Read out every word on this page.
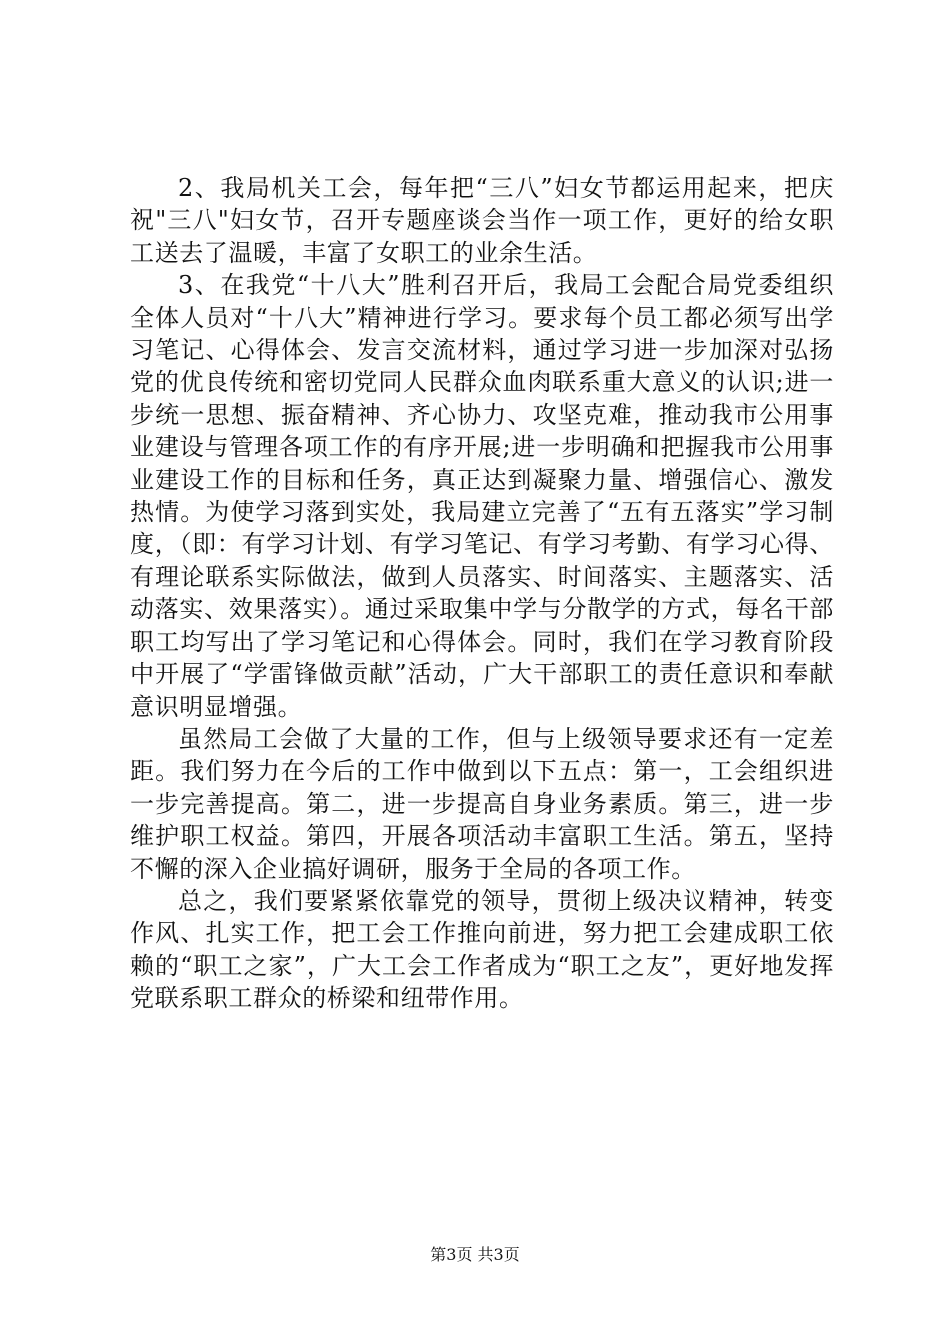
2、我局机关工会，每年把“三八”妇女节都运用起来，把庆祝"三八"妇女节，召开专题座谈会当作一项工作，更好的给女职工送去了温暖，丰富了女职工的业余生活。

3、在我党“十八大”胜利召开后，我局工会配合局党委组织全体人员对“十八大”精神进行学习。要求每个员工都必须写出学习笔记、心得体会、发言交流材料，通过学习进一步加深对弘扬党的优良传统和密切党同人民群众血肉联系重大意义的认识;进一步统一思想、振奋精神、齐心协力、攻坚克难，推动我市公用事业建设与管理各项工作的有序开展;进一步明确和把握我市公用事业建设工作的目标和任务，真正达到凝聚力量、增强信心、激发热情。为使学习落到实处，我局建立完善了“五有五落实”学习制度，（即：有学习计划、有学习笔记、有学习考勤、有学习心得、有理论联系实际做法，做到人员落实、时间落实、主题落实、活动落实、效果落实）。通过采取集中学与分散学的方式，每名干部职工均写出了学习笔记和心得体会。同时，我们在学习教育阶段中开展了“学雷锋做贡献”活动，广大干部职工的责任意识和奉献意识明显增强。

虽然局工会做了大量的工作，但与上级领导要求还有一定差距。我们努力在今后的工作中做到以下五点：第一，工会组织进一步完善提高。第二，进一步提高自身业务素质。第三，进一步维护职工权益。第四，开展各项活动丰富职工生活。第五，坚持不懈的深入企业搞好调研，服务于全局的各项工作。

总之，我们要紧紧依靠党的领导，贯彻上级决议精神，转变作风、扎实工作，把工会工作推向前进，努力把工会建成职工依赖的“职工之家”，广大工会工作者成为“职工之友”，更好地发挥党联系职工群众的桥梁和纽带作用。

第3页 共3页
